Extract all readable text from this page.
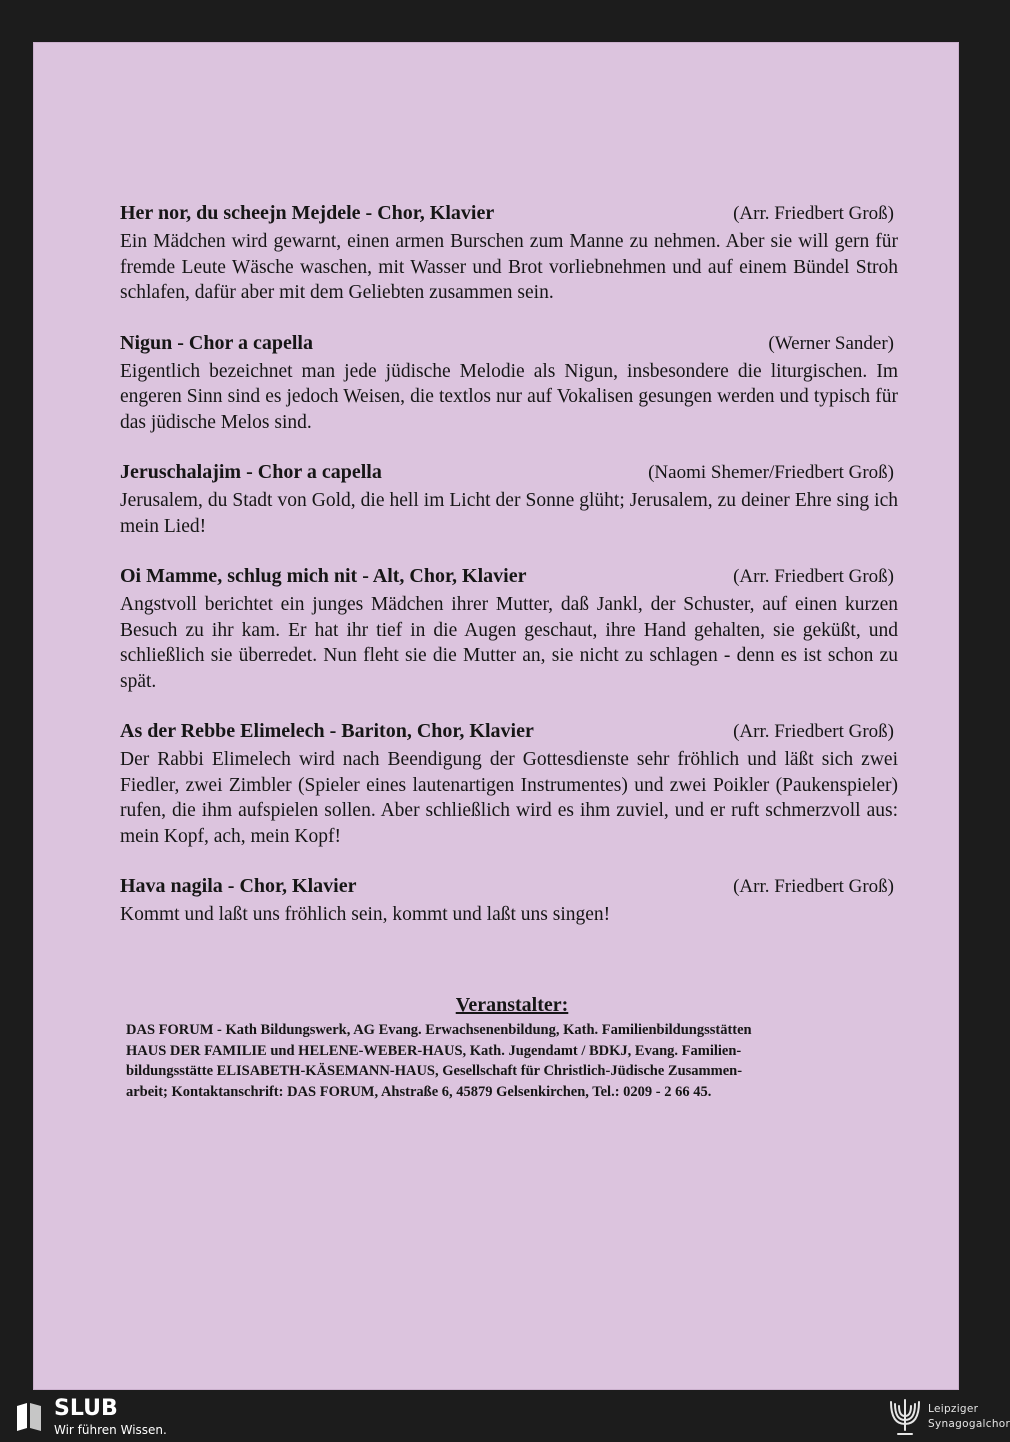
Her nor, du scheejn Mejdele - Chor, Klavier	(Arr. Friedbert Groß)

Ein Mädchen wird gewarnt, einen armen Burschen zum Manne zu nehmen. Aber sie will gern für fremde Leute Wäsche waschen, mit Wasser und Brot vorliebnehmen und auf einem Bündel Stroh schlafen, dafür aber mit dem Geliebten zusammen sein.

Nigun - Chor a capella	(Werner Sander)

Eigentlich bezeichnet man jede jüdische Melodie als Nigun, insbesondere die liturgischen. Im engeren Sinn sind es jedoch Weisen, die textlos nur auf Vokalisen gesungen werden und typisch für das jüdische Melos sind.

Jeruschalajim - Chor a capella	(Naomi Shemer/Friedbert Groß)

Jerusalem, du Stadt von Gold, die hell im Licht der Sonne glüht; Jerusalem, zu deiner Ehre sing ich mein Lied!

Oi Mamme, schlug mich nit - Alt, Chor, Klavier	(Arr. Friedbert Groß)

Angstvoll berichtet ein junges Mädchen ihrer Mutter, daß Jankl, der Schuster, auf einen kurzen Besuch zu ihr kam. Er hat ihr tief in die Augen geschaut, ihre Hand gehalten, sie geküßt, und schließlich sie überredet. Nun fleht sie die Mutter an, sie nicht zu schlagen - denn es ist schon zu spät.

As der Rebbe Elimelech - Bariton, Chor, Klavier	(Arr. Friedbert Groß)

Der Rabbi Elimelech wird nach Beendigung der Gottesdienste sehr fröhlich und läßt sich zwei Fiedler, zwei Zimbler (Spieler eines lautenartigen Instrumentes) und zwei Poikler (Paukenspieler) rufen, die ihm aufspielen sollen. Aber schließlich wird es ihm zuviel, und er ruft schmerzvoll aus: mein Kopf, ach, mein Kopf!

Hava nagila - Chor, Klavier	(Arr. Friedbert Groß)

Kommt und laßt uns fröhlich sein, kommt und laßt uns singen!

Veranstalter:
DAS FORUM - Kath Bildungswerk, AG Evang. Erwachsenenbildung, Kath. Familienbildungsstätten
HAUS DER FAMILIE und HELENE-WEBER-HAUS, Kath. Jugendamt / BDKJ, Evang. Familien-
bildungsstätte ELISABETH-KÄSEMANN-HAUS, Gesellschaft für Christlich-Jüdische Zusammen-
arbeit; Kontaktanschrift: DAS FORUM, Ahstraße 6, 45879 Gelsenkirchen, Tel.: 0209 - 2 66 45.
SLUB
Wir führen Wissen.
Leipziger
Synagogalchor
